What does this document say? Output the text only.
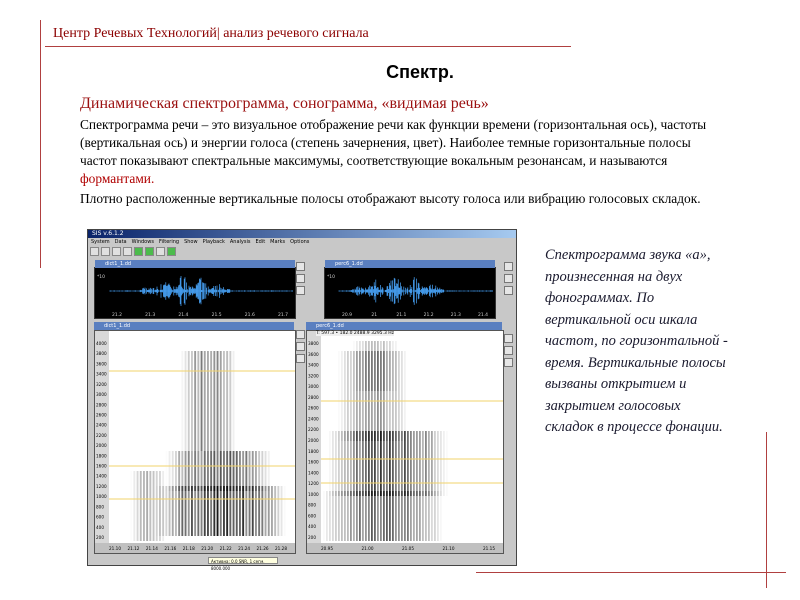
Центр Речевых Технологий| анализ речевого сигнала
Спектр.
Динамическая спектрограмма, сонограмма, «видимая речь»
Спектрограмма речи – это визуальное отображение речи как функции времени (горизонтальная ось), частоты (вертикальная ось) и энергии голоса (степень зачернения, цвет). Наиболее темные горизонтальные полосы частот показывают спектральные максимумы, соответствующие вокальным резонансам, и называются формантами.
Плотно расположенные вертикальные полосы отображают высоту голоса или вибрацию голосовых складок.
Спектрограмма звука «а», произнесенная на двух фонограммах. По вертикальной оси шкала частот, по горизонтальной - время. Вертикальные полосы вызваны открытием и закрытием голосовых складок в процессе фонации.
SIS v.6.1.2
System Data Windows Filtering Show Playback Analysis Edit Marks Options
dict1_1.dd
*10
21.2	21.3	21.4	21.5	21.6	21.7
perc6_1.dd
*10
20.9	21	21.1	21.2	21.3	21.4
4000
3800
3600
3400
3200
3000
2800
2600
2400
2200
2000
1800
1600
1400
1200
1000
800
600
400
200
21.10 21.12 21.14 21.16 21.18 21.20 21.22 21.24 21.26 21.28
dict1_1.dd
3800
3600
3400
3200
3000
2800
2600
2400
2200
2000
1800
1600
1400
1200
1000
800
600
400
200
20.95	21.00	21.05	21.10	21.15
perc6_1.dd
T: 597.3 • 182.0 2488.9 3295.3 Hz
Активна: 0.0 SNR, 1 сегм. 8000.000
